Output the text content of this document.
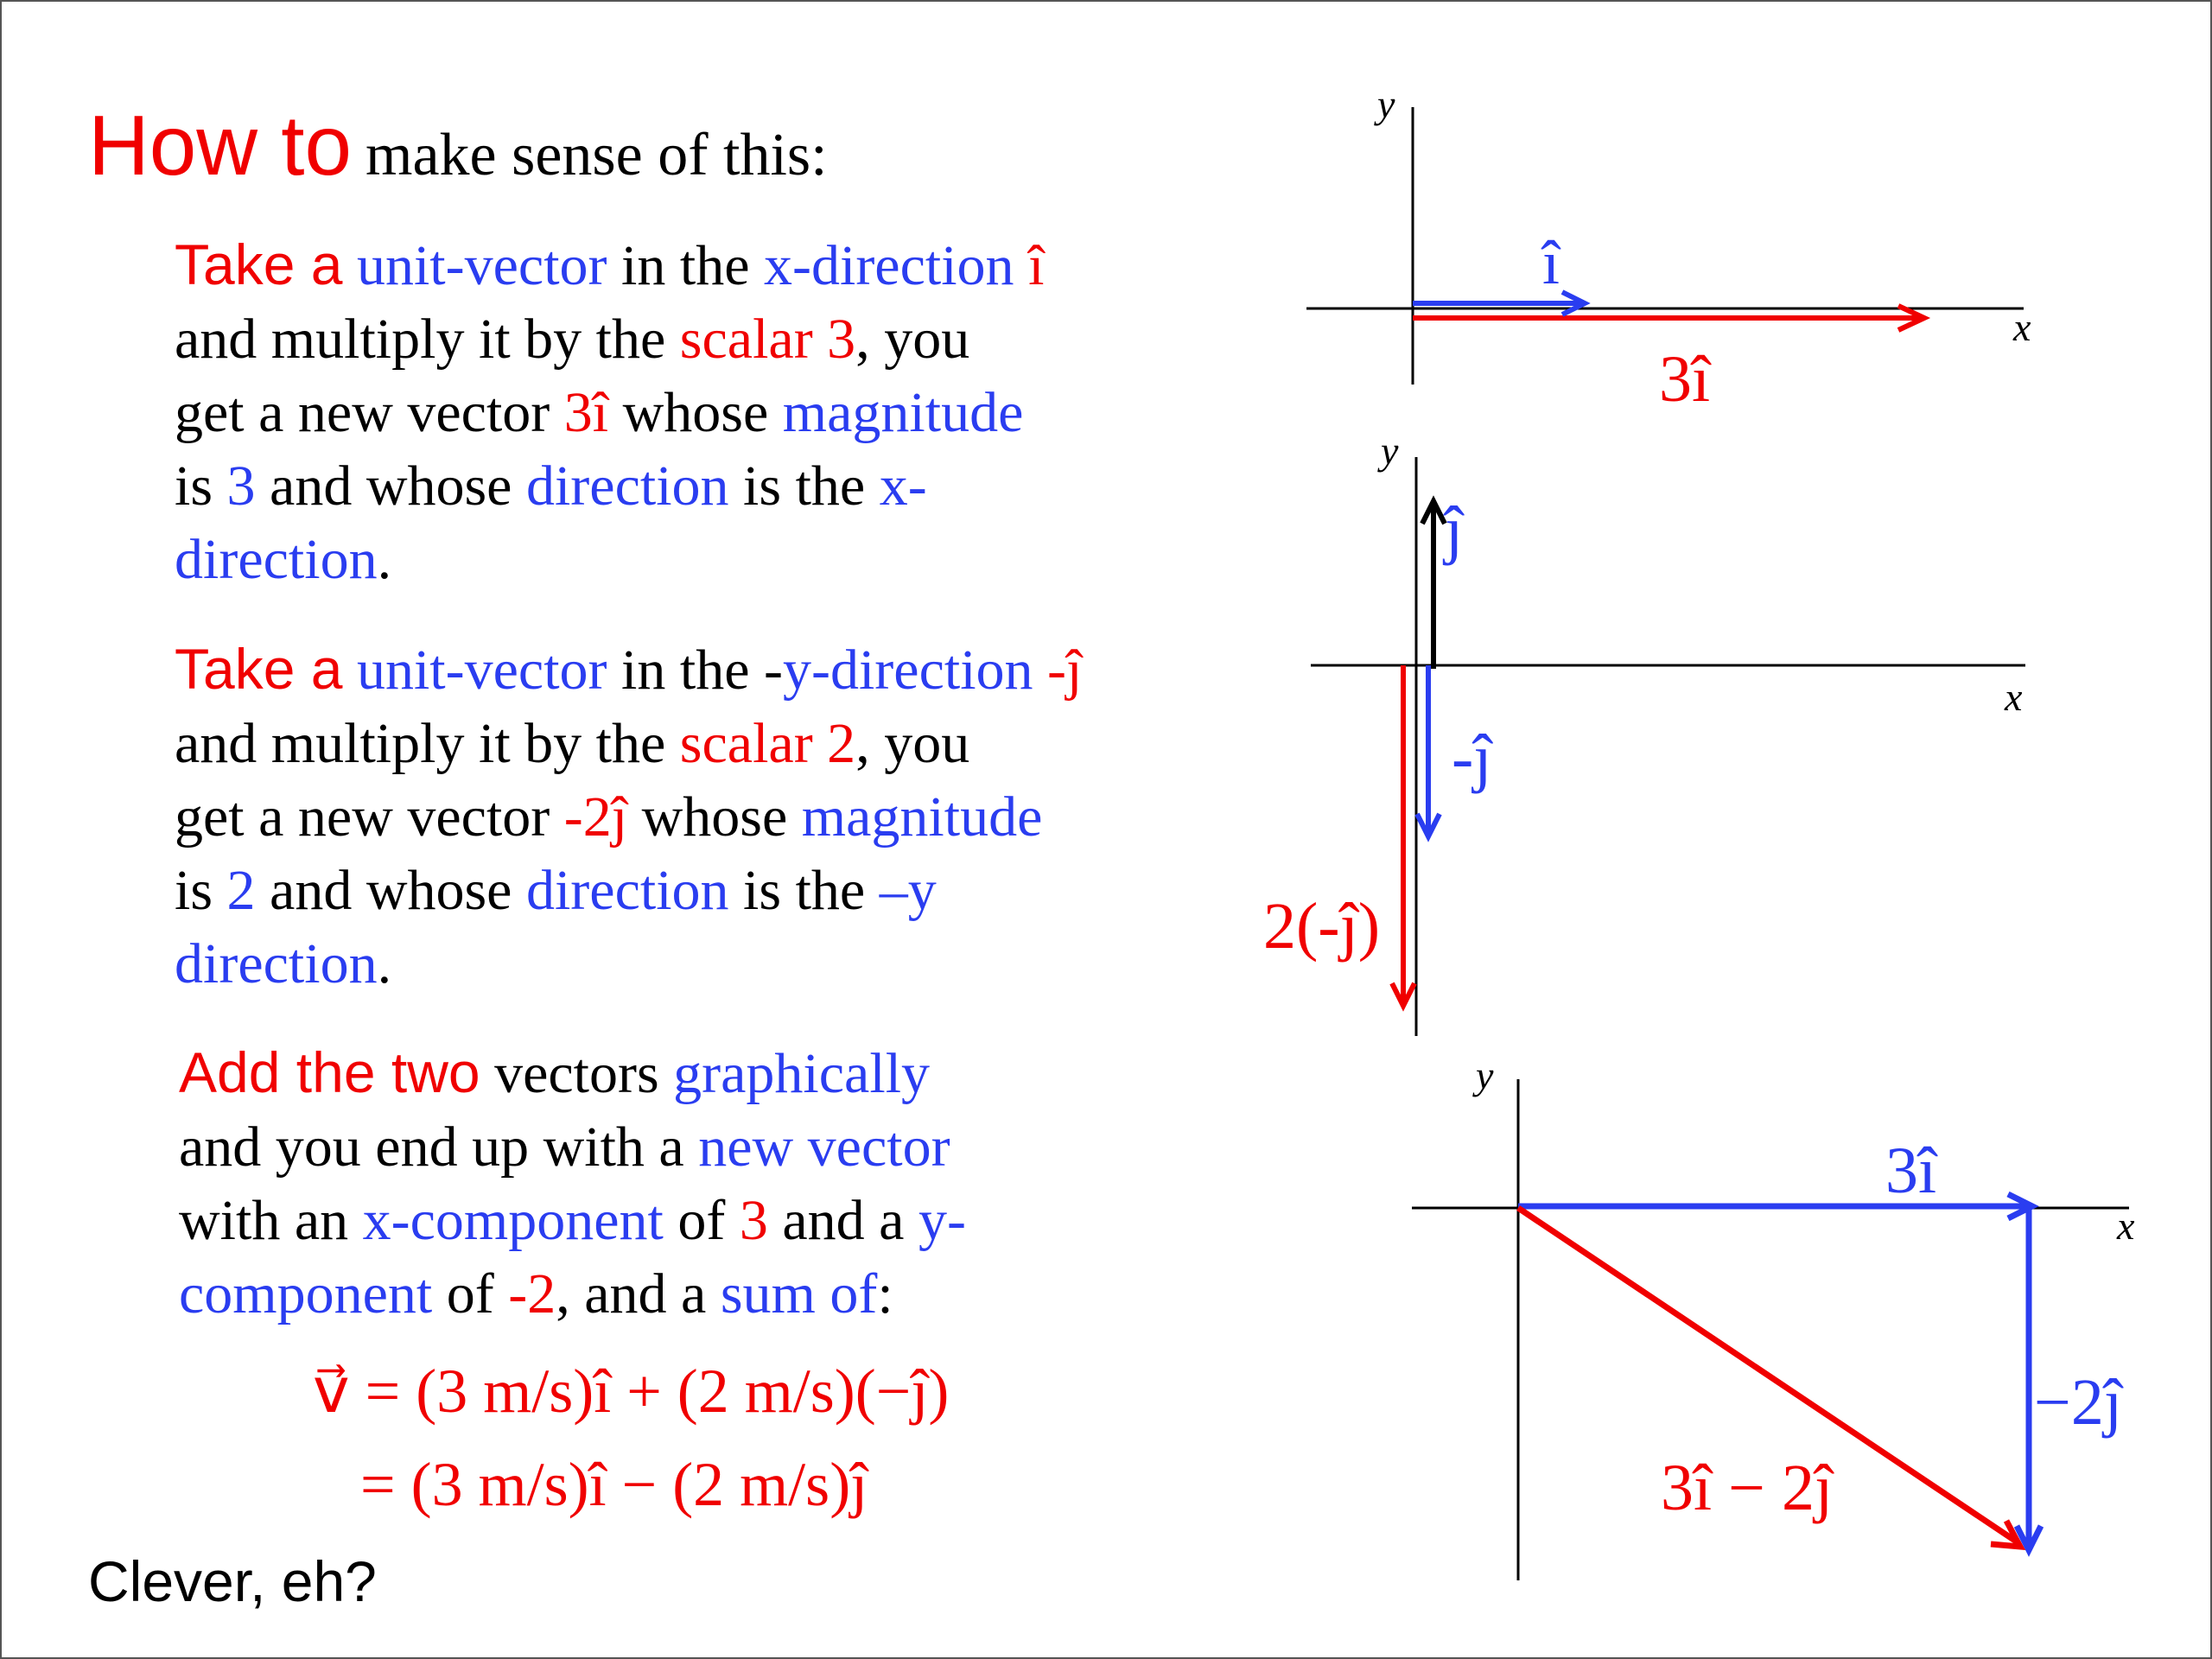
How to make sense of this:
Take a unit-vector in the x-direction î
and multiply it by the scalar 3, you
get a new vector 3î whose magnitude
is 3 and whose direction is the x-
direction.
Take a unit-vector in the -y-direction -ĵ
and multiply it by the scalar 2, you
get a new vector -2ĵ whose magnitude
is 2 and whose direction is the –y
direction.
Add the two vectors graphically
and you end up with a new vector
with an x-component of 3 and a y-
component of -2, and a sum of:
v⃗ = (3 m/s)î + (2 m/s)(−ĵ)
= (3 m/s)î − (2 m/s)ĵ
Clever, eh?
y
x
î
3î
y
x
ĵ
-ĵ
2(-ĵ)
y
x
3î
−2ĵ
3î − 2ĵ
